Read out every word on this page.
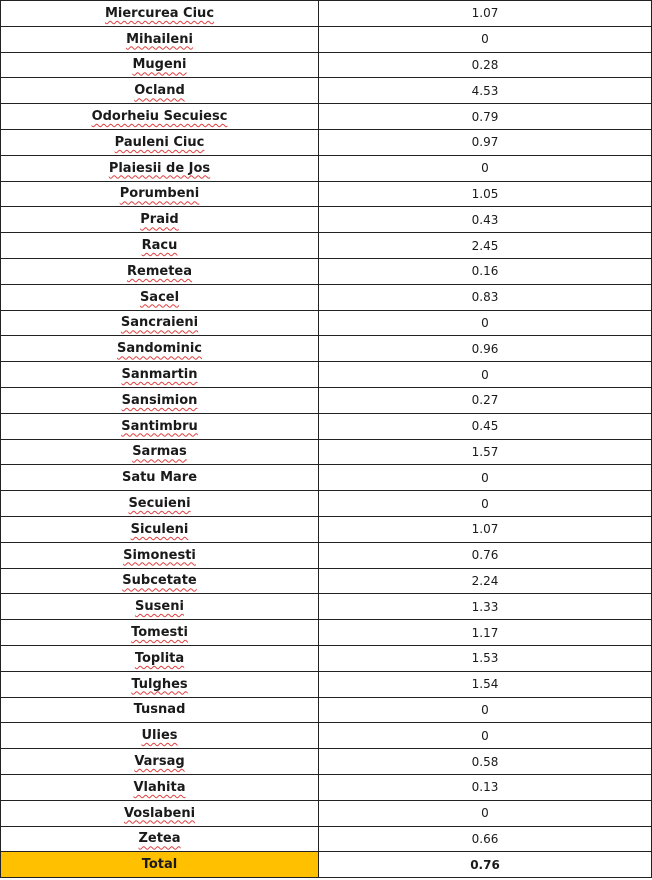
Miercurea Ciuc	1.07
Mihaileni	0
Mugeni	0.28
Ocland	4.53
Odorheiu Secuiesc	0.79
Pauleni Ciuc	0.97
Plaiesii de Jos	0
Porumbeni	1.05
Praid	0.43
Racu	2.45
Remetea	0.16
Sacel	0.83
Sancraieni	0
Sandominic	0.96
Sanmartin	0
Sansimion	0.27
Santimbru	0.45
Sarmas	1.57
Satu Mare	0
Secuieni	0
Siculeni	1.07
Simonesti	0.76
Subcetate	2.24
Suseni	1.33
Tomesti	1.17
Toplita	1.53
Tulghes	1.54
Tusnad	0
Ulies	0
Varsag	0.58
Vlahita	0.13
Voslabeni	0
Zetea	0.66
Total	0.76
